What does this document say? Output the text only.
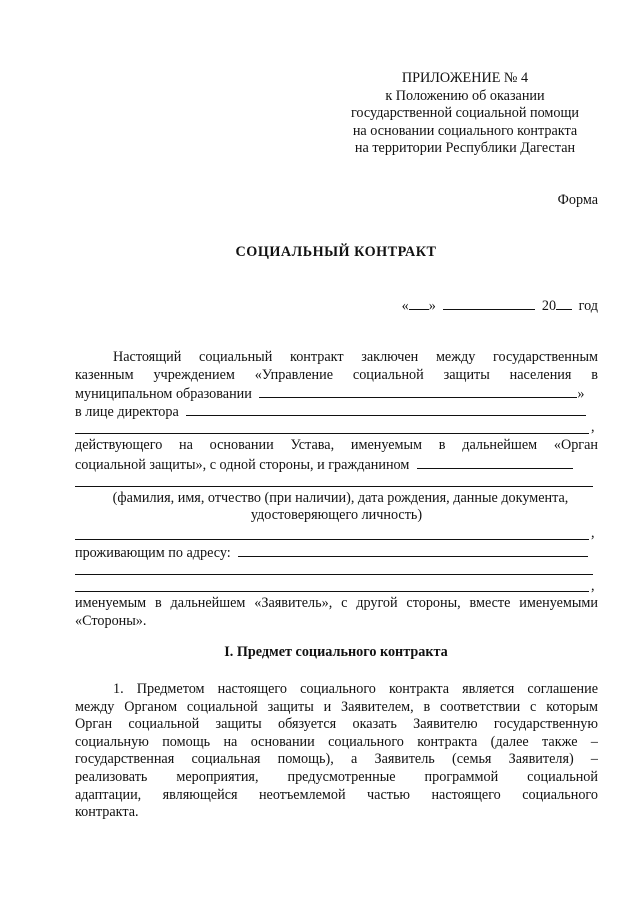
ПРИЛОЖЕНИЕ № 4
к Положению об оказании
государственной социальной помощи
на основании социального контракта
на территории Республики Дагестан
Форма
СОЦИАЛЬНЫЙ КОНТРАКТ
« »	20 год
Настоящий социальный контракт заключен между государственным
казенным учреждением «Управление социальной защиты населения в
муниципальном образовании	»
в лице директора
,
действующего на основании Устава, именуемым в дальнейшем «Орган
социальной защиты», с одной стороны, и гражданином
(фамилия, имя, отчество (при наличии), дата рождения, данные документа,
удостоверяющего личность)
,
проживающим по адресу:
,
именуемым в дальнейшем «Заявитель», с другой стороны, вместе именуемыми
«Стороны».
I. Предмет социального контракта
1. Предметом настоящего социального контракта является соглашение
между Органом социальной защиты и Заявителем, в соответствии с которым
Орган социальной защиты обязуется оказать Заявителю государственную
социальную помощь на основании социального контракта (далее также –
государственная социальная помощь), а Заявитель (семья Заявителя) –
реализовать мероприятия, предусмотренные программой социальной
адаптации, являющейся неотъемлемой частью настоящего социального
контракта.
